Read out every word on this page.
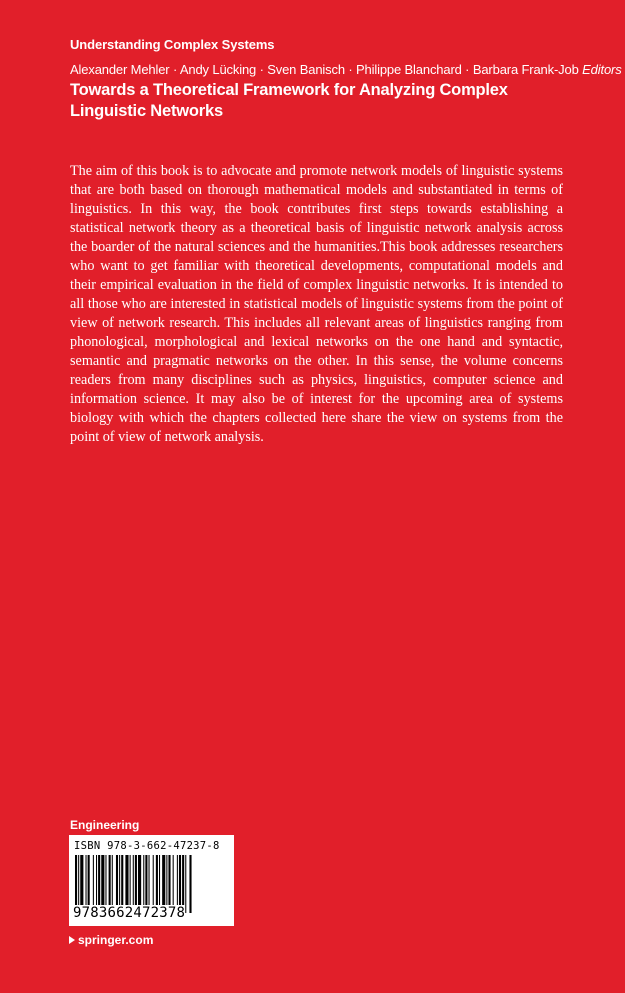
Understanding Complex Systems
Alexander Mehler · Andy Lücking · Sven Banisch · Philippe Blanchard · Barbara Frank-Job Editors
Towards a Theoretical Framework for Analyzing Complex Linguistic Networks
The aim of this book is to advocate and promote network models of linguistic systems that are both based on thorough mathematical models and substantiated in terms of linguistics. In this way, the book contributes first steps towards establishing a statistical network theory as a theoretical basis of linguistic network analysis across the boarder of the natural sciences and the humanities.This book addresses researchers who want to get familiar with theoretical developments, computational models and their empirical evaluation in the field of complex linguistic networks. It is intended to all those who are interested in statistical models of linguistic systems from the point of view of network research. This includes all relevant areas of linguistics ranging from phonological, morphological and lexical networks on the one hand and syntactic, semantic and pragmatic networks on the other. In this sense, the volume concerns readers from many disciplines such as physics, linguistics, computer science and information science. It may also be of interest for the upcoming area of systems biology with which the chapters collected here share the view on systems from the point of view of network analysis.
Engineering
ISBN 978-3-662-47237-8
9783662472378
springer.com
